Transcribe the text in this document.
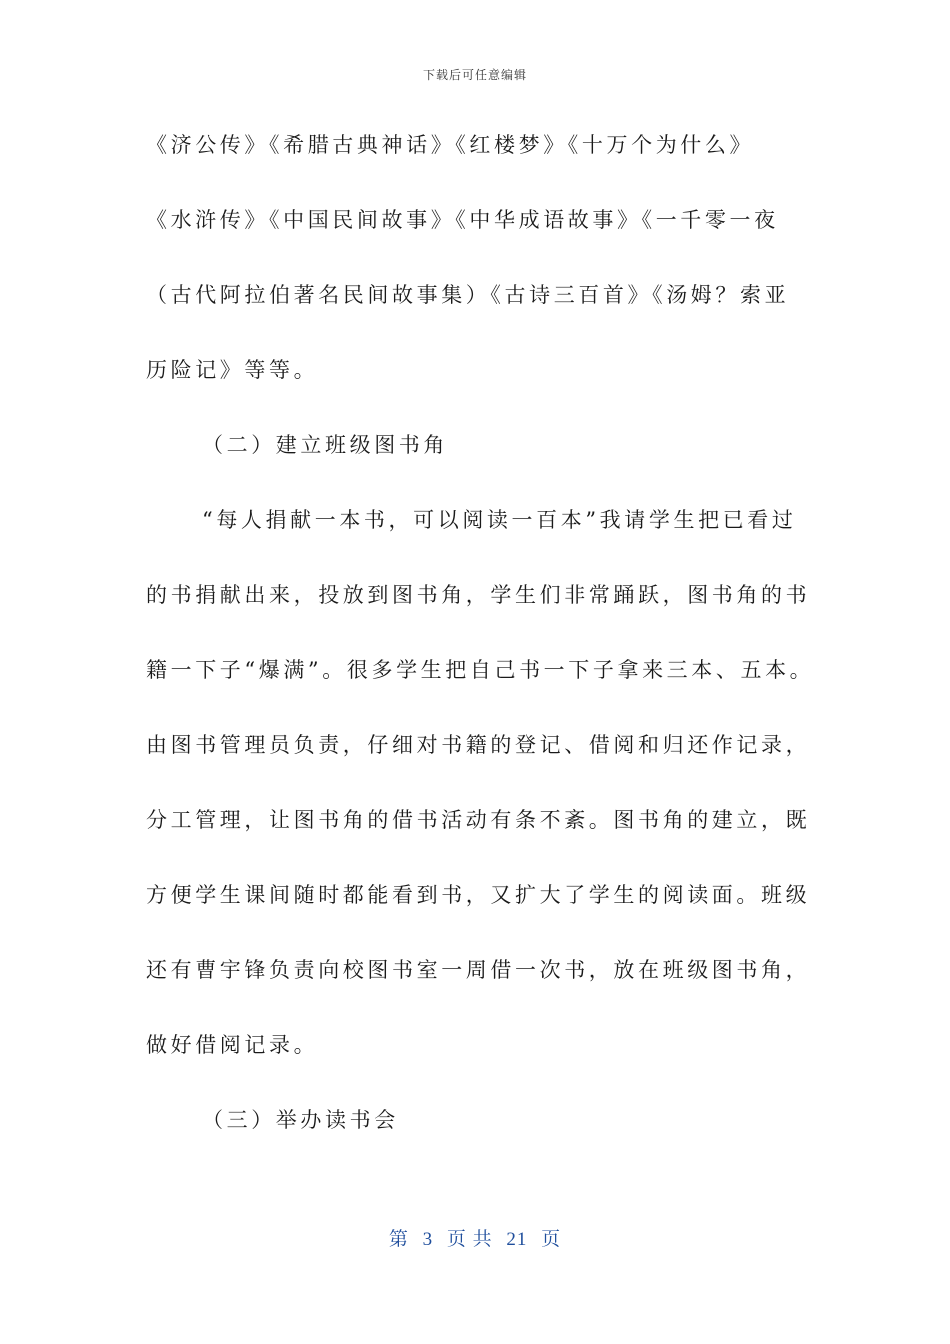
下载后可任意编辑
《济公传》《希腊古典神话》《红楼梦》《十万个为什么》
《水浒传》《中国民间故事》《中华成语故事》《一千零一夜
（古代阿拉伯著名民间故事集）《古诗三百首》《汤姆？索亚
历险记》等等。
（二）建立班级图书角
“每人捐献一本书，可以阅读一百本”我请学生把已看过
的书捐献出来，投放到图书角，学生们非常踊跃，图书角的书
籍一下子“爆满”。很多学生把自己书一下子拿来三本、五本。
由图书管理员负责，仔细对书籍的登记、借阅和归还作记录，
分工管理，让图书角的借书活动有条不紊。图书角的建立，既
方便学生课间随时都能看到书，又扩大了学生的阅读面。班级
还有曹宇锋负责向校图书室一周借一次书，放在班级图书角，
做好借阅记录。
（三）举办读书会
第 3 页 共 21 页
